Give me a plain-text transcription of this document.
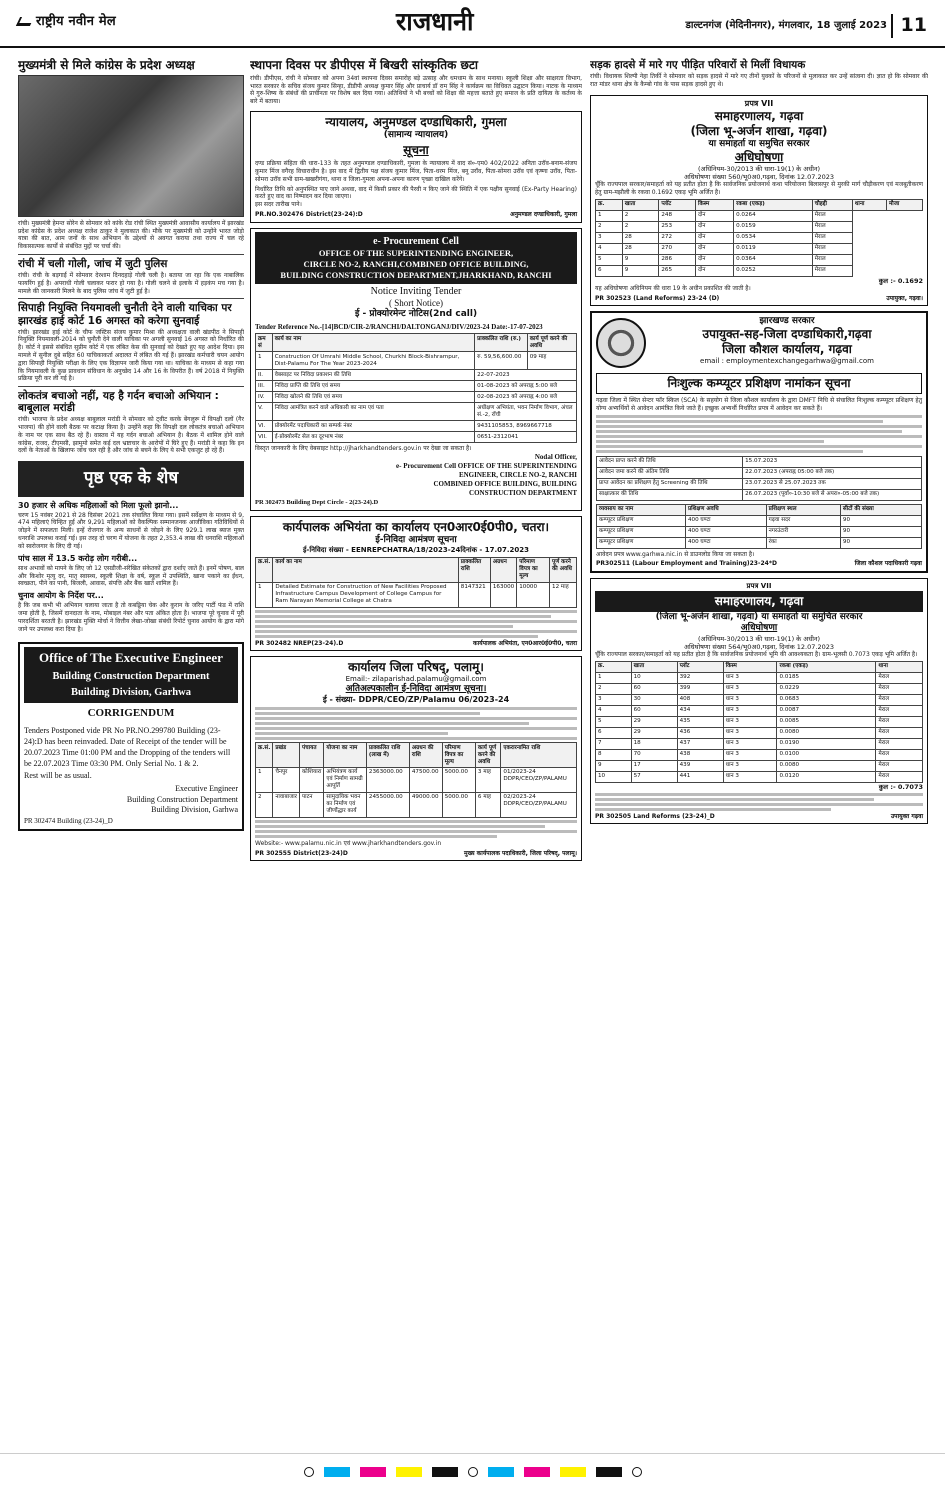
राष्ट्रीय नवीन मेल	राजधानी	डाल्टनगंज (मेदिनीनगर), मंगलवार, 18 जुलाई 2023 11
मुख्यमंत्री से मिले कांग्रेस के प्रदेश अध्यक्ष

रांची। मुख्यमंत्री हेमन्त सोरेन से सोमवार को कांके रोड रांची स्थित मुख्यमंत्री आवासीय कार्यालय में झारखंड प्रदेश कांग्रेस के प्रदेश अध्यक्ष राजेश ठाकुर ने मुलाकात की। मौके पर मुख्यमंत्री को उन्होंने भारत जोड़ो यात्रा की बात, आम जनों के साथ अभियान के उद्देश्यों से अवगत कराया तथा राज्य में चल रहे विकासात्मक कार्यों से संबंधित मुद्दों पर चर्चा की।

रांची में चली गोली, जांच में जुटी पुलिस

रांची। रांची के बड़गाईं में सोमवार देरशाम दिनदहाड़े गोली चली है। बताया जा रहा कि एक नाबालिक फायरिंग हुई है। अपराधी गोली चलाकर फरार हो गया है। गोली चलने से इलाके में हड़कंप मच गया है। मामले की जानकारी मिलने के बाद पुलिस जांच में जुटी हुई है।

सिपाही नियुक्ति नियमावली चुनौती देने वाली याचिका पर झारखंड हाई कोर्ट 16 अगस्त को करेगा सुनवाई

रांची। झारखंड हाई कोर्ट के चीफ जस्टिस संजय कुमार मिश्रा की अध्यक्षता वाली खंडपीठ ने सिपाही नियुक्ति नियमावली-2014 को चुनौती देने वाली याचिका पर अगली सुनवाई 16 अगस्त को निर्धारित की है। कोर्ट ने इससे संबंधित सुप्रीम कोर्ट में एक लंबित केस की सुनवाई को देखते हुए यह आदेश दिया। इस मामले में सुनील दुबे सहित 60 याचिकाकर्ता अदालत में लंबित की गई हैं। झारखंड कर्मचारी चयन आयोग द्वारा सिपाही नियुक्ति परीक्षा के लिए एक विज्ञापन जारी किया गया था। याचिका के माध्यम से कहा गया कि नियमावली के कुछ प्रावधान संविधान के अनुच्छेद 14 और 16 के विपरीत हैं। वर्ष 2018 में नियुक्ति प्रक्रिया पूरी कर ली गई है।

लोकतंत्र बचाओ नहीं, यह है गर्दन बचाओ अभियान : बाबूलाल मरांडी

रांची। भाजपा के प्रदेश अध्यक्ष बाबूलाल मरांडी ने सोमवार को ट्वीट करके बेंगलुरू में विपक्षी दलों (गैर भाजपा) की होने वाली बैठक पर कटाक्ष किया है। उन्होंने कहा कि विपक्षी दल लोकतंत्र बचाओ अभियान के नाम पर एक साथ बैठ रहे हैं। वास्तव में यह गर्दन बचाओ अभियान है। बैठक में शामिल होने वाले कांग्रेस, राजद, टीएमसी, झामुमो समेत कई दल भ्रष्टाचार के आरोपों में घिरे हुए हैं। मरांडी ने कहा कि इन दलों के नेताओं के खिलाफ जांच चल रही है और जांच से बचने के लिए ये सभी एकजुट हो रहे हैं।

पृष्ठ एक के शेष
30 हजार से अधिक महिलाओं को मिला फूलो झानो...

चरण 15 नवंबर 2021 से 28 दिसंबर 2021 तक संचालित किया गया। इसमें सर्वेक्षण के माध्यम से 9, 474 महिलाएं चिन्हित हुईं और 9,291 महिलाओं को वैकल्पिक सम्मानजनक आजीविका गतिविधियों से जोड़ने में सफलता मिली। इन्हें रोजगार के अन्य साधनों से जोड़ने के लिए 929.1 लाख ब्याज मुक्त धनराशि उपलब्ध कराई गई। इस तरह दो चरण में योजना के तहत 2,353.4 लाख की धनराशि महिलाओं को स्वरोजगार के लिए दी गई।

पांच साल में 13.5 करोड़ लोग गरीबी...

साथ अभावों को मापने के लिए जो 12 एसडीजी-संरेखित संकेतकों द्वारा दर्शाए जाते हैं। इनमें पोषण, बाल और किशोर मृत्यु दर, मातृ स्वास्थ्य, स्कूली शिक्षा के वर्ष, स्कूल में उपस्थिति, खाना पकाने का ईंधन, स्वच्छता, पीने का पानी, बिजली, आवास, संपत्ति और बैंक खाते शामिल हैं।

चुनाव आयोग के निर्देश पर...

है कि जब कभी भी अभियान चलाया जाता है तो कबड्डिया चेक और कुरान के जरिए पार्टी फंड में राशि जमा होती है, जिसमें दानदाता के नाम, मोबाइल नंबर और पता अंकित होता है। भाजपा पूरे चुनाव में पूरी पारदर्शिता बरतती है। झारखंड मुक्ति मोर्चा ने वित्तीय लेखा-जोखा संबंधी रिपोर्ट चुनाव आयोग के द्वारा मांगे जाने पर उपलब्ध करा दिया है।

Office of The Executive Engineer
Building Construction Department
Building Division, Garhwa
CORRIGENDUM

Tenders Postponed vide PR No PR.NO.299780 Building (23-24):D has been reinvaded. Date of Receipt of the tender will be 20.07.2023 Time 01:00 PM and the Dropping of the tenders will be 22.07.2023 Time 03:30 PM. Only Serial No. 1 & 2.

Rest will be as usual.

Executive Engineer
Building Construction Department
Building Division, Garhwa
PR 302474 Building (23-24)_D
स्थापना दिवस पर डीपीएस में बिखरी सांस्कृतिक छटा

रांची। डीपीएस, रांची ने सोमवार को अपना 34वां स्थापना दिवस समारोह बड़े उत्साह और धमधाम के साथ मनाया। स्कूली शिक्षा और साक्षरता विभाग, भारत सरकार के सचिव संजय कुमार सिन्हा, डीडीपी अध्यक्ष कुमार सिंह और प्राचार्य डॉ राम सिंह ने कार्यक्रम का विधिवत उद्घाटन किया। नाटक के माध्यम से गुरु-शिष्य के संबंधों की प्राचीनता पर विशेष बल दिया गया। अतिथियों ने भी बच्चों को शिक्षा की महत्ता बताते हुए समाज के प्रति दायित्व के कर्तव्य के बारे में बताया।

न्यायालय, अनुमण्डल दण्डाधिकारी, गुमला
(सामान्य न्यायालय)
सूचना

दण्ड प्रक्रिया संहिता की धारा-133 के तहत अनुमण्डल दण्डाधिकारी, गुमला के न्यायालय में वाद सं०-एम0 402/2022 अनिता उरॉव-बनाम-संजय कुमार मिंज वगैरह विचाराधीन है। इस वाद में द्वितीय पक्ष संजय कुमार मिंज, पिता-धरम मिंज, बनू उरॉव, पिता-सोमरा उरॉव एवं कृष्णा उरॉव, पिता-सोमरा उरॉव सभी ग्राम-खखरीगंगा, थाना व जिला-गुमला अपना-अपना कारण पृच्छा दाखिल करेंगे।

निर्धारित तिथि को अनुपस्थित पाए जाने अथवा, वाद में किसी प्रकार की पैरवी न किए जाने की स्थिति में एक पक्षीय सुनवाई (Ex-Party Hearing) करते हुए वाद का निष्पादन कर दिया जाएगा।

इस सदर तारीख पाने।

PR.NO.302476 District(23-24):D	अनुमण्डल दण्डाधिकारी, गुमला
e- Procurement Cell
OFFICE OF THE SUPERINTENDING ENGINEER,
CIRCLE NO-2, RANCHI,COMBINED OFFICE BUILDING,
BUILDING CONSTRUCTION DEPARTMENT,JHARKHAND, RANCHI
Notice Inviting Tender
( Short Notice)
ई - प्रोक्योरमेन्ट नोटिस(2nd call)
Tender Reference No.-[14]BCD/CIR-2/RANCHI/DALTONGANJ/DIV/2023-24 Date:-17-07-2023
क्रम सं	कार्य का नाम	प्राक्कलित राशि (रु.)	कार्य पूर्ण करने की अवधि
1	Construction Of Umrahi Middle School, Churkhi Block-Bishrampur, Dist-Palamu For The Year 2023-2024	रु. 59,56,600.00	09 माह
II.	वेबसाइट पर निविदा प्रकाशन की तिथि	22-07-2023	
III.	निविदा प्राप्ति की तिथि एवं समय	01-08-2023 को अपराह्न 5:00 बजे	
IV.	निविदा खोलने की तिथि एवं समय	02-08-2023 को अपराह्न 4:00 बजे	
V.	निविदा आमंत्रित करने वाले अधिकारी का नाम एवं पता	अधीक्षण अभियंता, भवन निर्माण विभाग, अंचल सं.-2, राँची	
VI.	प्रोक्योरमेंट पदाधिकारी का सम्पर्क नंबर	9431105853, 8969667718	
VII.	ई-प्रोक्योरमेंट सेल का दूरभाष नंबर	0651-2312041	

विस्तृत जानकारी के लिए वेबसाइट http://jharkhandtenders.gov.in पर देखा जा सकता है।

Nodal Officer,
e- Procurement Cell OFFICE OF THE SUPERINTENDING ENGINEER, CIRCLE NO-2, RANCHI
COMBINED OFFICE BUILDING, BUILDING CONSTRUCTION DEPARTMENT
PR 302473 Building Dept Circle - 2(23-24).D
कार्यपालक अभियंता का कार्यालय एन0आर0ई0पी0, चतरा।
ई-निविदा आमंत्रण सूचना
ई-निविदा संख्या - EENREPCHATRA/18/2023-24दिनांक - 17.07.2023
क्र.सं.	कार्य का नाम	प्राक्कलित राशि	अग्रधन	परिमाण विपत्र का मूल्य	पूर्ण करने की अवधि
1	Detailed Estimate for Construction of New Facilities Proposed Infrastructure Campus Development of College Campus for Ram Narayan Memorial College at Chatra	8147321	163000	10000	12 माह
PR 302482 NREP(23-24).D	कार्यपालक अभियंता, एन0आर0ई0पी0, चतरा
कार्यालय जिला परिषद्, पलामू।
Email:- zilaparishad.palamu@gmail.com
अतिअल्पकालीन ई-निविदा आमंत्रण सूचना।
ई - संख्या- DDPR/CEO/ZP/Palamu 06/2023-24
क्र.सं.	प्रखंड	पंचायत	योजना का नाम	प्राक्कलित राशि (लाख में)	अग्रधन की राशि	परिमाण विपत्र का मूल्य	कार्य पूर्ण करने की अवधि	एकरारनामित राशि
1	चैनपुर	कोशियारा	अभियंत्रण कार्य एवं निर्माण सामग्री आपूर्ति	2363000.00	47500.00	5000.00	3 माह	01/2023-24 DDPR/CEO/ZP/PALAMU
2	नावाबाजार	पाटन	सामुदायिक भवन का निर्माण एवं जीर्णोद्धार कार्य	2455000.00	49000.00	5000.00	6 माह	02/2023-24 DDPR/CEO/ZP/PALAMU

Website:- www.palamu.nic.in एवं www.jharkhandtenders.gov.in

PR 302555 District(23-24)D	मुख्य कार्यपालक पदाधिकारी, जिला परिषद्, पलामू।
सड़क हादसे में मारे गए पीड़ित परिवारों से मिलीं विधायक

रांची। विधायक शिल्पी नेहा तिर्की ने सोमवार को सड़क हादसे में मारे गए तीनों युवकों के परिजनों से मुलाकात कर उन्हें सांत्वना दी। ज्ञात हो कि सोमवार की रात मांडर थाना क्षेत्र के कैम्बो गांव के पास सड़क हादसे हुए थे।

प्रपत्र VII
समाहरणालय, गढ़वा
(जिला भू-अर्जन शाखा, गढ़वा)
या समाहर्ता या समुचित सरकार
अधिघोषणा
(अधिनियम-30/2013 की धारा-19(1) के अधीन)
अधिघोषणा संख्या 560/भू0अ0,गढ़वा, दिनांक 12.07.2023

चूँकि राज्यपाल सरकार/समाहर्ता को यह प्रतीत होता है कि सार्वजनिक प्रयोजनार्थ कथा परियोजना बिलासपुर से मुरकी मार्ग चौड़ीकरण एवं मजबूतीकरण हेतु ग्राम-मझौली के रकवा 0.1692 एकड़ भूमि अर्जित है।

क्र.	खाता	प्लॉट	किस्म	रकबा (एकड़)	चौहद्दी	थाना	मौजा
1	2	248	दोन	0.0264	मेराल		
2	2	253	दोन	0.0159	मेराल		
3	28	272	दोन	0.0534	मेराल		
4	28	270	दोन	0.0119	मेराल		
5	9	286	दोन	0.0364	मेराल		
6	9	265	दोन	0.0252	मेराल		
कुल :- 0.1692

यह अधिघोषणा अधिनियम की धारा 19 के अधीन प्रकाशित की जाती है।

PR 302523 (Land Reforms) 23-24 (D)	उपायुक्त, गढ़वा।
झारखण्ड सरकार
उपायुक्त-सह-जिला दण्डाधिकारी,गढ़वा
जिला कौशल कार्यालय, गढ़वा
email : employmentexchangegarhwa@gmail.com
निःशुल्क कम्प्यूटर प्रशिक्षण नामांकन सूचना

गढ़वा जिला में स्थित सेन्टर फॉर स्किल (SCA) के सहयोग से जिला कौशल कार्यालय के द्वारा DMFT निधि से संचालित निःशुल्क कम्प्यूटर प्रशिक्षण हेतु योग्य अभ्यर्थियों से आवेदन आमंत्रित किये जाते हैं। इच्छुक अभ्यर्थी निर्धारित प्रपत्र में आवेदन कर सकते हैं।

आवेदन प्राप्त करने की तिथि	15.07.2023
आवेदन जमा करने की अंतिम तिथि	22.07.2023 (अपराह्न 05:00 बजे तक)
प्राप्त आवेदन का प्रशिक्षण हेतु Screening की तिथि	23.07.2023 से 25.07.2023 तक
साक्षात्कार की तिथि	26.07.2023 (पूर्वा०-10:30 बजे से अपरा०-05:00 बजे तक)
व्यवसाय का नाम	प्रशिक्षण अवधि	प्रशिक्षण स्थल	सीटों की संख्या
कम्प्यूटर प्रशिक्षण	400 घण्टा	गढ़वा सदर	90
कम्प्यूटर प्रशिक्षण	400 घण्टा	नगरउंटारी	90
कम्प्यूटर प्रशिक्षण	400 घण्टा	रंका	90

आवेदन प्रपत्र www.garhwa.nic.in से डाउनलोड किया जा सकता है।

PR302511 (Labour Employment and Training)23-24*D	जिला कौशल पदाधिकारी गढ़वा
प्रपत्र VII
समाहरणालय, गढ़वा
(जिला भू-अर्जन शाखा, गढ़वा) या समाहर्ता या समुचित सरकार
अधिघोषणा
(अधिनियम-30/2013 की धारा-19(1) के अधीन)
अधिघोषणा संख्या 564/भू0अ0,गढ़वा, दिनांक 12.07.2023

चूँकि राज्यपाल सरकार/समाहर्ता को यह प्रतीत होता है कि सार्वजनिक प्रयोजनार्थ भूमि की आवश्यकता है। ग्राम-भूलसी 0.7073 एकड़ भूमि अर्जित है।

क्र.	खाता	प्लॉट	किस्म	रकबा (एकड़)	थाना
1	10	392	धान 3	0.0185	मेराल
2	60	399	धान 3	0.0229	मेराल
3	30	408	धान 3	0.0683	मेराल
4	60	434	धान 3	0.0087	मेराल
5	29	435	धान 3	0.0085	मेराल
6	29	436	धान 3	0.0080	मेराल
7	18	437	धान 3	0.0190	मेराल
8	70	438	धान 3	0.0100	मेराल
9	17	439	धान 3	0.0080	मेराल
10	57	441	धान 3	0.0120	मेराल
कुल :- 0.7073
PR 302505 Land Reforms (23-24)_D	उपायुक्त गढ़वा
